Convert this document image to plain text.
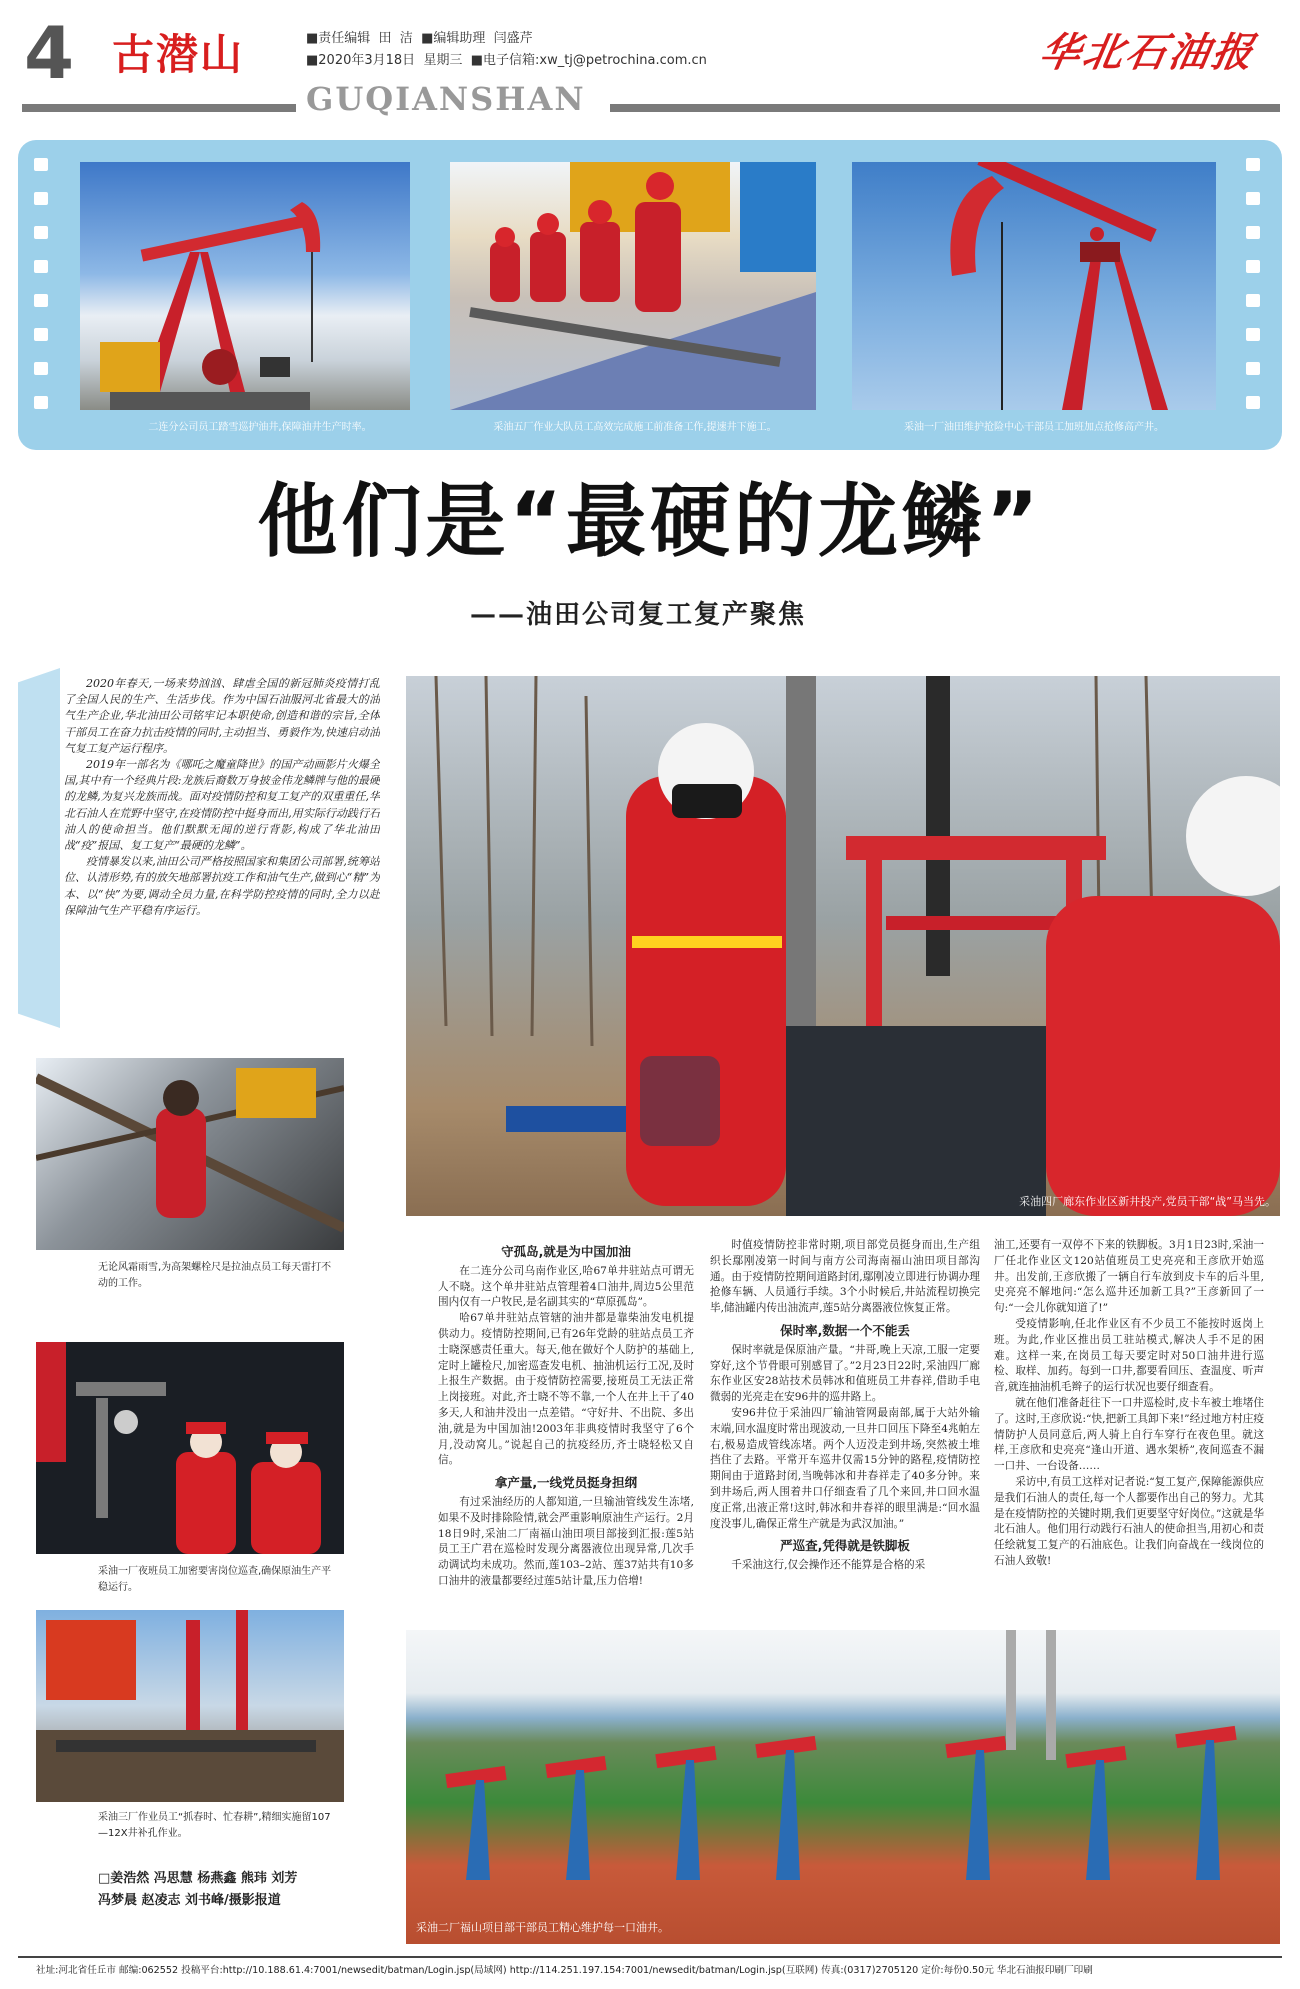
4 古潜山	■责任编辑  田  洁  ■编辑助理  闫盛芹
■2020年3月18日  星期三  ■电子信箱:xw_tj@petrochina.com.cn
GUQIANSHAN
华北石油报
二连分公司员工踏雪巡护油井,保障油井生产时率。	采油五厂作业大队员工高效完成施工前准备工作,提速井下施工。	采油一厂油田维护抢险中心干部员工加班加点抢修高产井。
他们是“最硬的龙鳞”
——油田公司复工复产聚焦

2020年春天,一场来势汹汹、肆虐全国的新冠肺炎疫情打乱了全国人民的生产、生活步伐。作为中国石油服河北省最大的油气生产企业,华北油田公司铭牢记本职使命,创造和谐的宗旨,全体干部员工在奋力抗击疫情的同时,主动担当、勇毅作为,快速启动油气复工复产运行程序。

2019年一部名为《哪吒之魔童降世》的国产动画影片火爆全国,其中有一个经典片段:龙族后裔数万身披金伟龙鳞牌与他的最硬的龙鳞,为复兴龙族而战。面对疫情防控和复工复产的双重重任,华北石油人在荒野中坚守,在疫情防控中挺身而出,用实际行动践行石油人的使命担当。他们默默无闻的逆行背影,构成了华北油田战“疫”报国、复工复产“最硬的龙鳞”。

疫情暴发以来,油田公司严格按照国家和集团公司部署,统筹站位、认清形势,有的放矢地部署抗疫工作和油气生产,做到心“精”为本、以“快”为要,调动全员力量,在科学防控疫情的同时,全力以赴保障油气生产平稳有序运行。

无论风霜雨雪,为高架螺栓尺是拉油点员工每天雷打不动的工作。
采油一厂夜班员工加密要害岗位巡查,确保原油生产平稳运行。
采油三厂作业员工“抓春时、忙春耕”,精细实施留107—12X井补孔作业。
□姜浩然 冯思慧 杨燕鑫 熊玮 刘芳
冯梦晨 赵凌志 刘书峰/摄影报道
采油四厂廊东作业区新井投产,党员干部“战”马当先。
守孤岛,就是为中国加油

在二连分公司乌南作业区,哈67单井驻站点可谓无人不晓。这个单井驻站点管理着4口油井,周边5公里范围内仅有一户牧民,是名副其实的“草原孤岛”。

哈67单井驻站点管辖的油井都是靠柴油发电机提供动力。疫情防控期间,已有26年党龄的驻站点员工齐士晓深感责任重大。每天,他在做好个人防护的基础上,定时上罐检尺,加密巡查发电机、抽油机运行工况,及时上报生产数据。由于疫情防控需要,接班员工无法正常上岗接班。对此,齐士晓不等不靠,一个人在井上干了40多天,人和油井没出一点差错。“守好井、不出院、多出油,就是为中国加油!2003年非典疫情时我坚守了6个月,没动窝儿。”说起自己的抗疫经历,齐士晓轻松又自信。

拿产量,一线党员挺身担纲

有过采油经历的人都知道,一旦输油管线发生冻堵,如果不及时排除险情,就会严重影响原油生产运行。2月18日9时,采油二厂南福山油田项目部接到汇报:莲5站员工王广君在巡检时发现分离器液位出现异常,几次手动调试均未成功。然而,莲103–2站、莲37站共有10多口油井的液量都要经过莲5站计量,压力倍增!

时值疫情防控非常时期,项目部党员挺身而出,生产组织长鄢刚凌第一时间与南方公司海南福山油田项目部沟通。由于疫情防控期间道路封闭,鄢刚凌立即进行协调办理抢修车辆、人员通行手续。3个小时候后,井站流程切换完毕,储油罐内传出油流声,莲5站分离器液位恢复正常。

保时率,数据一个不能丢

保时率就是保原油产量。“井哥,晚上天凉,工服一定要穿好,这个节骨眼可别感冒了。”2月23日22时,采油四厂廊东作业区安28站技术员韩冰和值班员工井春祥,借助手电微弱的光亮走在安96井的巡井路上。

安96井位于采油四厂输油管网最南部,属于大站外输末端,回水温度时常出现波动,一旦井口回压下降至4兆帕左右,极易造成管线冻堵。两个人迈没走到井场,突然被土堆挡住了去路。平常开车巡井仅需15分钟的路程,疫情防控期间由于道路封闭,当晚韩冰和井春祥走了40多分钟。来到井场后,两人围着井口仔细查看了几个来回,井口回水温度正常,出液正常!这时,韩冰和井春祥的眼里满是:“回水温度没事儿,确保正常生产就是为武汉加油。”

严巡查,凭得就是铁脚板

千采油这行,仅会操作还不能算是合格的采

油工,还要有一双停不下来的铁脚板。3月1日23时,采油一厂任北作业区文120站值班员工史亮亮和王彦欣开始巡井。出发前,王彦欣搬了一辆自行车放到皮卡车的后斗里,史亮亮不解地问:“怎么巡井还加新工具?”王彦新回了一句:“一会儿你就知道了!”

受疫情影响,任北作业区有不少员工不能按时返岗上班。为此,作业区推出员工驻站模式,解决人手不足的困难。这样一来,在岗员工每天要定时对50口油井进行巡检、取样、加药。每到一口井,都要看回压、查温度、听声音,就连抽油机毛辫子的运行状况也要仔细查看。

就在他们准备赶往下一口井巡检时,皮卡车被土堆堵住了。这时,王彦欣说:“快,把新工具卸下来!”经过地方村庄疫情防护人员同意后,两人骑上自行车穿行在夜色里。就这样,王彦欣和史亮亮“逢山开道、遇水架桥”,夜间巡查不漏一口井、一台设备……

采访中,有员工这样对记者说:“复工复产,保障能源供应是我们石油人的责任,每一个人都要作出自己的努力。尤其是在疫情防控的关键时期,我们更要坚守好岗位。”这就是华北石油人。他们用行动践行石油人的使命担当,用初心和责任绘就复工复产的石油底色。让我们向奋战在一线岗位的石油人致敬!

采油二厂福山项目部干部员工精心维护每一口油井。
社址:河北省任丘市 邮编:062552 投稿平台:http://10.188.61.4:7001/newsedit/batman/Login.jsp(局域网) http://114.251.197.154:7001/newsedit/batman/Login.jsp(互联网) 传真:(0317)2705120 定价:每份0.50元 华北石油报印刷厂印刷
